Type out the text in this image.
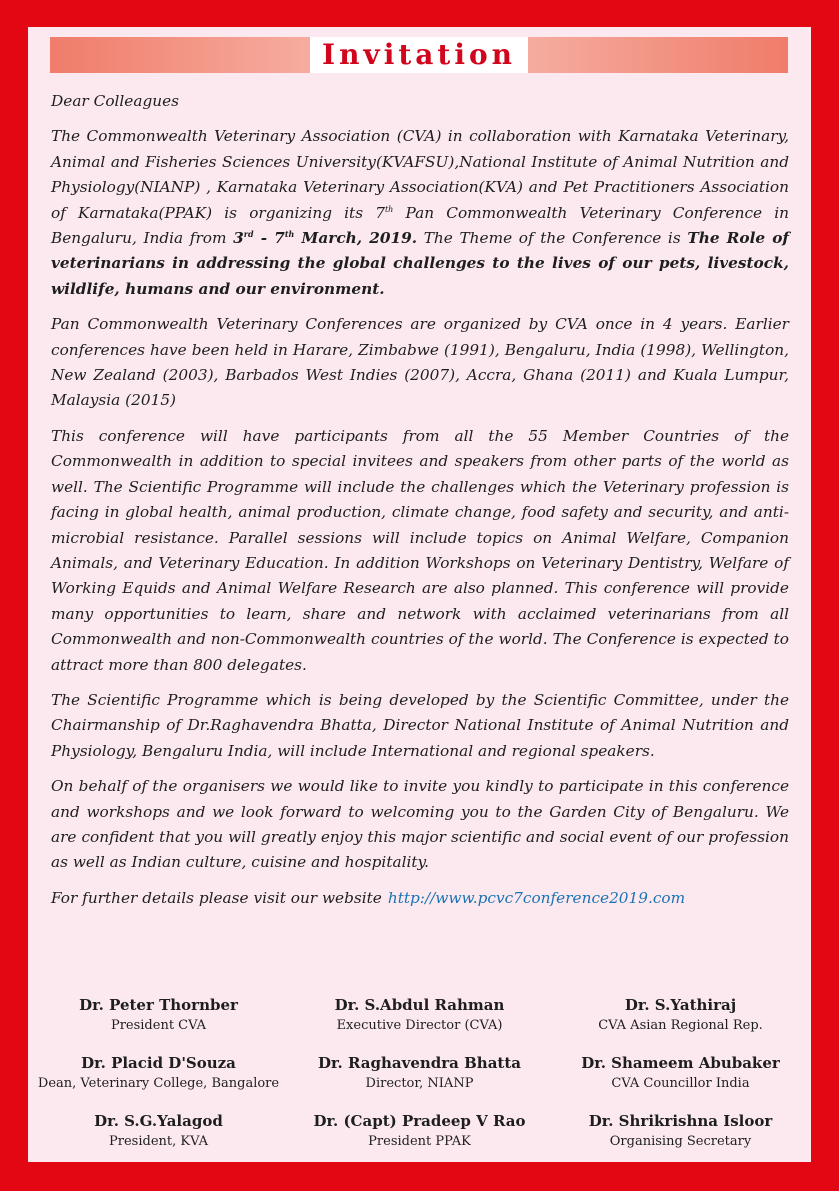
Invitation

Dear Colleagues

The Commonwealth Veterinary Association (CVA) in collaboration with Karnataka Veterinary, Animal and Fisheries Sciences University(KVAFSU),National Institute of Animal Nutrition and Physiology(NIANP) , Karnataka Veterinary Association(KVA) and Pet Practitioners Association of Karnataka(PPAK) is organizing its 7th Pan Commonwealth Veterinary Conference in Bengaluru, India from 3rd - 7th March, 2019. The Theme of the Conference is The Role of veterinarians in addressing the global challenges to the lives of our pets, livestock, wildlife, humans and our environment.

Pan Commonwealth Veterinary Conferences are organized by CVA once in 4 years. Earlier conferences have been held in Harare, Zimbabwe (1991), Bengaluru, India (1998), Wellington, New Zealand (2003), Barbados West Indies (2007), Accra, Ghana (2011) and Kuala Lumpur, Malaysia (2015)

This conference will have participants from all the 55 Member Countries of the Commonwealth in addition to special invitees and speakers from other parts of the world as well. The Scientific Programme will include the challenges which the Veterinary profession is facing in global health, animal production, climate change, food safety and security, and anti-microbial resistance. Parallel sessions will include topics on Animal Welfare, Companion Animals, and Veterinary Education. In addition Workshops on Veterinary Dentistry, Welfare of Working Equids and Animal Welfare Research are also planned. This conference will provide many opportunities to learn, share and network with acclaimed veterinarians from all Commonwealth and non-Commonwealth countries of the world. The Conference is expected to attract more than 800 delegates.

The Scientific Programme which is being developed by the Scientific Committee, under the Chairmanship of Dr.Raghavendra Bhatta, Director National Institute of Animal Nutrition and Physiology, Bengaluru India, will include International and regional speakers.

On behalf of the organisers we would like to invite you kindly to participate in this conference and workshops and we look forward to welcoming you to the Garden City of Bengaluru. We are confident that you will greatly enjoy this major scientific and social event of our profession as well as Indian culture, cuisine and hospitality.

For further details please visit our website http://www.pcvc7conference2019.com

Dr. Peter Thornber
President CVA
Dr. S.Abdul Rahman
Executive Director (CVA)
Dr. S.Yathiraj
CVA Asian Regional Rep.
Dr. Placid D'Souza
Dean, Veterinary College, Bangalore
Dr. Raghavendra Bhatta
Director, NIANP
Dr. Shameem Abubaker
CVA Councillor India
Dr. S.G.Yalagod
President, KVA
Dr. (Capt) Pradeep V Rao
President PPAK
Dr. Shrikrishna Isloor
Organising Secretary
